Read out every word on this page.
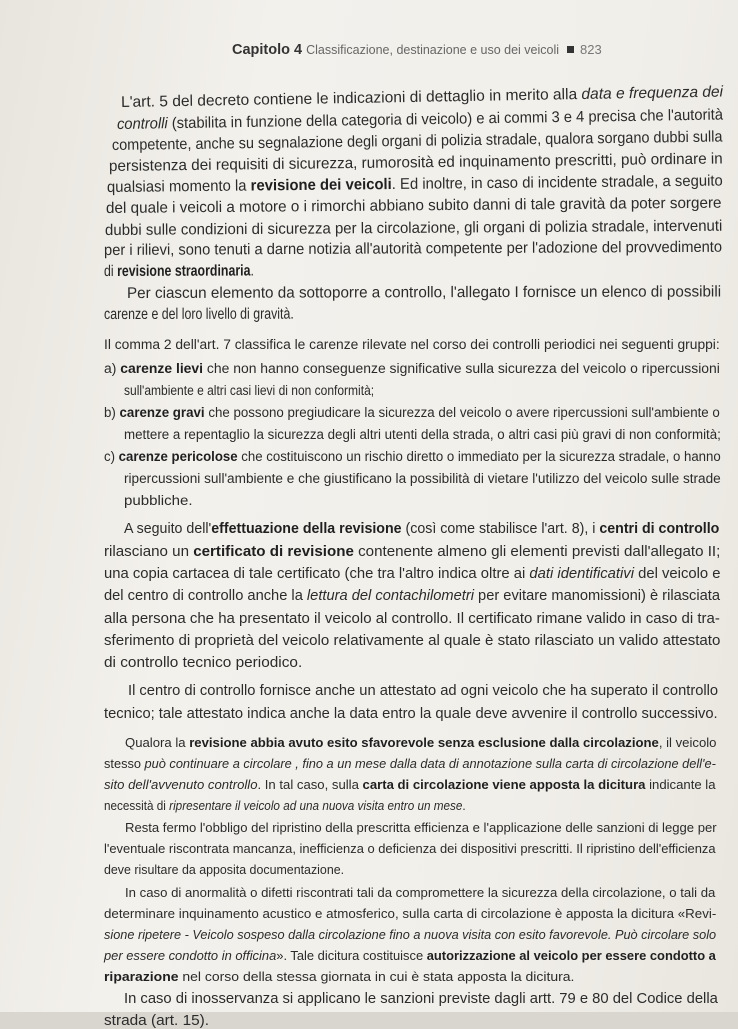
Capitolo 4 Classificazione, destinazione e uso dei veicoli 823
L'art. 5 del decreto contiene le indicazioni di dettaglio in merito alla data e frequenza dei
controlli (stabilita in funzione della categoria di veicolo) e ai commi 3 e 4 precisa che l'autorità
competente, anche su segnalazione degli organi di polizia stradale, qualora sorgano dubbi sulla
persistenza dei requisiti di sicurezza, rumorosità ed inquinamento prescritti, può ordinare in
qualsiasi momento la revisione dei veicoli. Ed inoltre, in caso di incidente stradale, a seguito
del quale i veicoli a motore o i rimorchi abbiano subito danni di tale gravità da poter sorgere
dubbi sulle condizioni di sicurezza per la circolazione, gli organi di polizia stradale, intervenuti
per i rilievi, sono tenuti a darne notizia all'autorità competente per l'adozione del provvedimento
di revisione straordinaria.
Per ciascun elemento da sottoporre a controllo, l'allegato I fornisce un elenco di possibili
carenze e del loro livello di gravità.
Il comma 2 dell'art. 7 classifica le carenze rilevate nel corso dei controlli periodici nei seguenti gruppi:
a) carenze lievi che non hanno conseguenze significative sulla sicurezza del veicolo o ripercussioni
sull'ambiente e altri casi lievi di non conformità;
b) carenze gravi che possono pregiudicare la sicurezza del veicolo o avere ripercussioni sull'ambiente o
mettere a repentaglio la sicurezza degli altri utenti della strada, o altri casi più gravi di non conformità;
c) carenze pericolose che costituiscono un rischio diretto o immediato per la sicurezza stradale, o hanno
ripercussioni sull'ambiente e che giustificano la possibilità di vietare l'utilizzo del veicolo sulle strade
pubbliche.
A seguito dell'effettuazione della revisione (così come stabilisce l'art. 8), i centri di controllo
rilasciano un certificato di revisione contenente almeno gli elementi previsti dall'allegato II;
una copia cartacea di tale certificato (che tra l'altro indica oltre ai dati identificativi del veicolo e
del centro di controllo anche la lettura del contachilometri per evitare manomissioni) è rilasciata
alla persona che ha presentato il veicolo al controllo. Il certificato rimane valido in caso di tra-
sferimento di proprietà del veicolo relativamente al quale è stato rilasciato un valido attestato
di controllo tecnico periodico.
Il centro di controllo fornisce anche un attestato ad ogni veicolo che ha superato il controllo
tecnico; tale attestato indica anche la data entro la quale deve avvenire il controllo successivo.
Qualora la revisione abbia avuto esito sfavorevole senza esclusione dalla circolazione, il veicolo
stesso può continuare a circolare , fino a un mese dalla data di annotazione sulla carta di circolazione dell'e-
sito dell'avvenuto controllo. In tal caso, sulla carta di circolazione viene apposta la dicitura indicante la
necessità di ripresentare il veicolo ad una nuova visita entro un mese.
Resta fermo l'obbligo del ripristino della prescritta efficienza e l'applicazione delle sanzioni di legge per
l'eventuale riscontrata mancanza, inefficienza o deficienza dei dispositivi prescritti. Il ripristino dell'efficienza
deve risultare da apposita documentazione.
In caso di anormalità o difetti riscontrati tali da compromettere la sicurezza della circolazione, o tali da
determinare inquinamento acustico e atmosferico, sulla carta di circolazione è apposta la dicitura «Revi-
sione ripetere - Veicolo sospeso dalla circolazione fino a nuova visita con esito favorevole. Può circolare solo
per essere condotto in officina». Tale dicitura costituisce autorizzazione al veicolo per essere condotto a
riparazione nel corso della stessa giornata in cui è stata apposta la dicitura.
In caso di inosservanza si applicano le sanzioni previste dagli artt. 79 e 80 del Codice della
strada (art. 15).
